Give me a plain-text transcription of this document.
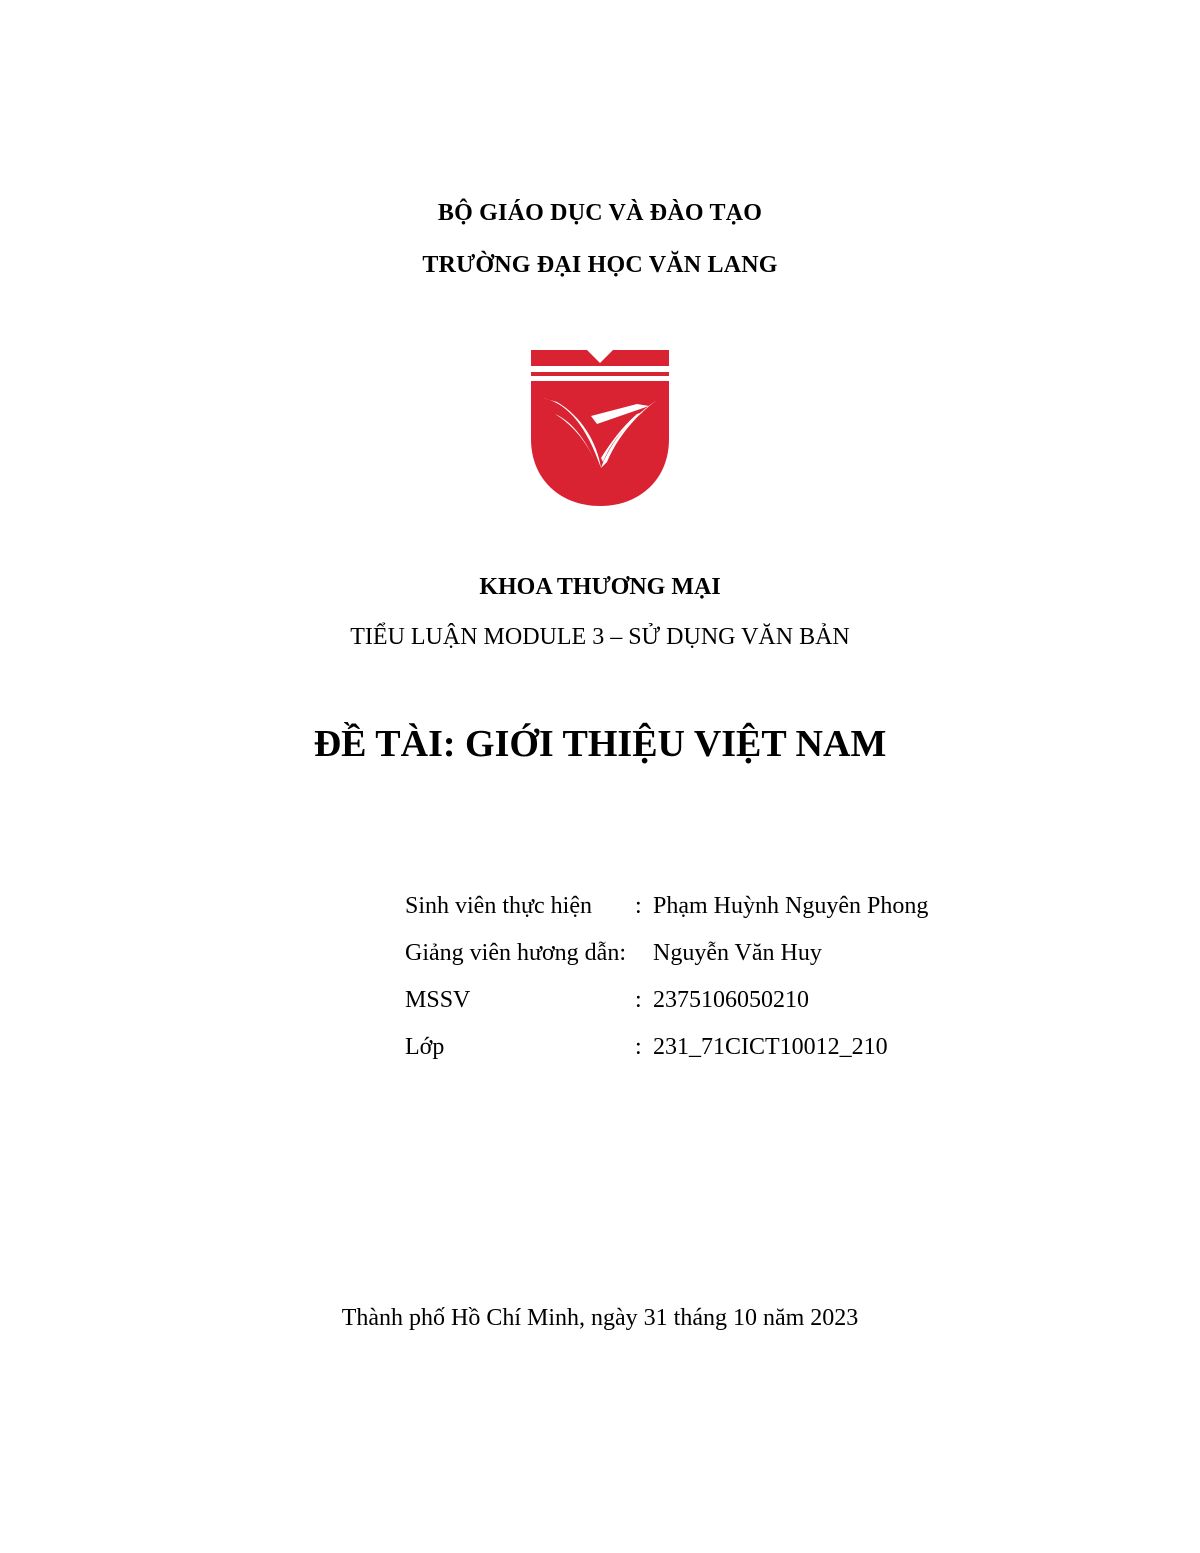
BỘ GIÁO DỤC VÀ ĐÀO TẠO
TRƯỜNG ĐẠI HỌC VĂN LANG
KHOA THƯƠNG MẠI
TIỂU LUẬN MODULE 3 – SỬ DỤNG VĂN BẢN
ĐỀ TÀI: GIỚI THIỆU VIỆT NAM
Sinh viên thực hiện : Phạm Huỳnh Nguyên Phong
Giảng viên hương dẫn: Nguyễn Văn Huy
MSSV	: 2375106050210
Lớp	: 231_71CICT10012_210
Thành phố Hồ Chí Minh, ngày 31 tháng 10 năm 2023
